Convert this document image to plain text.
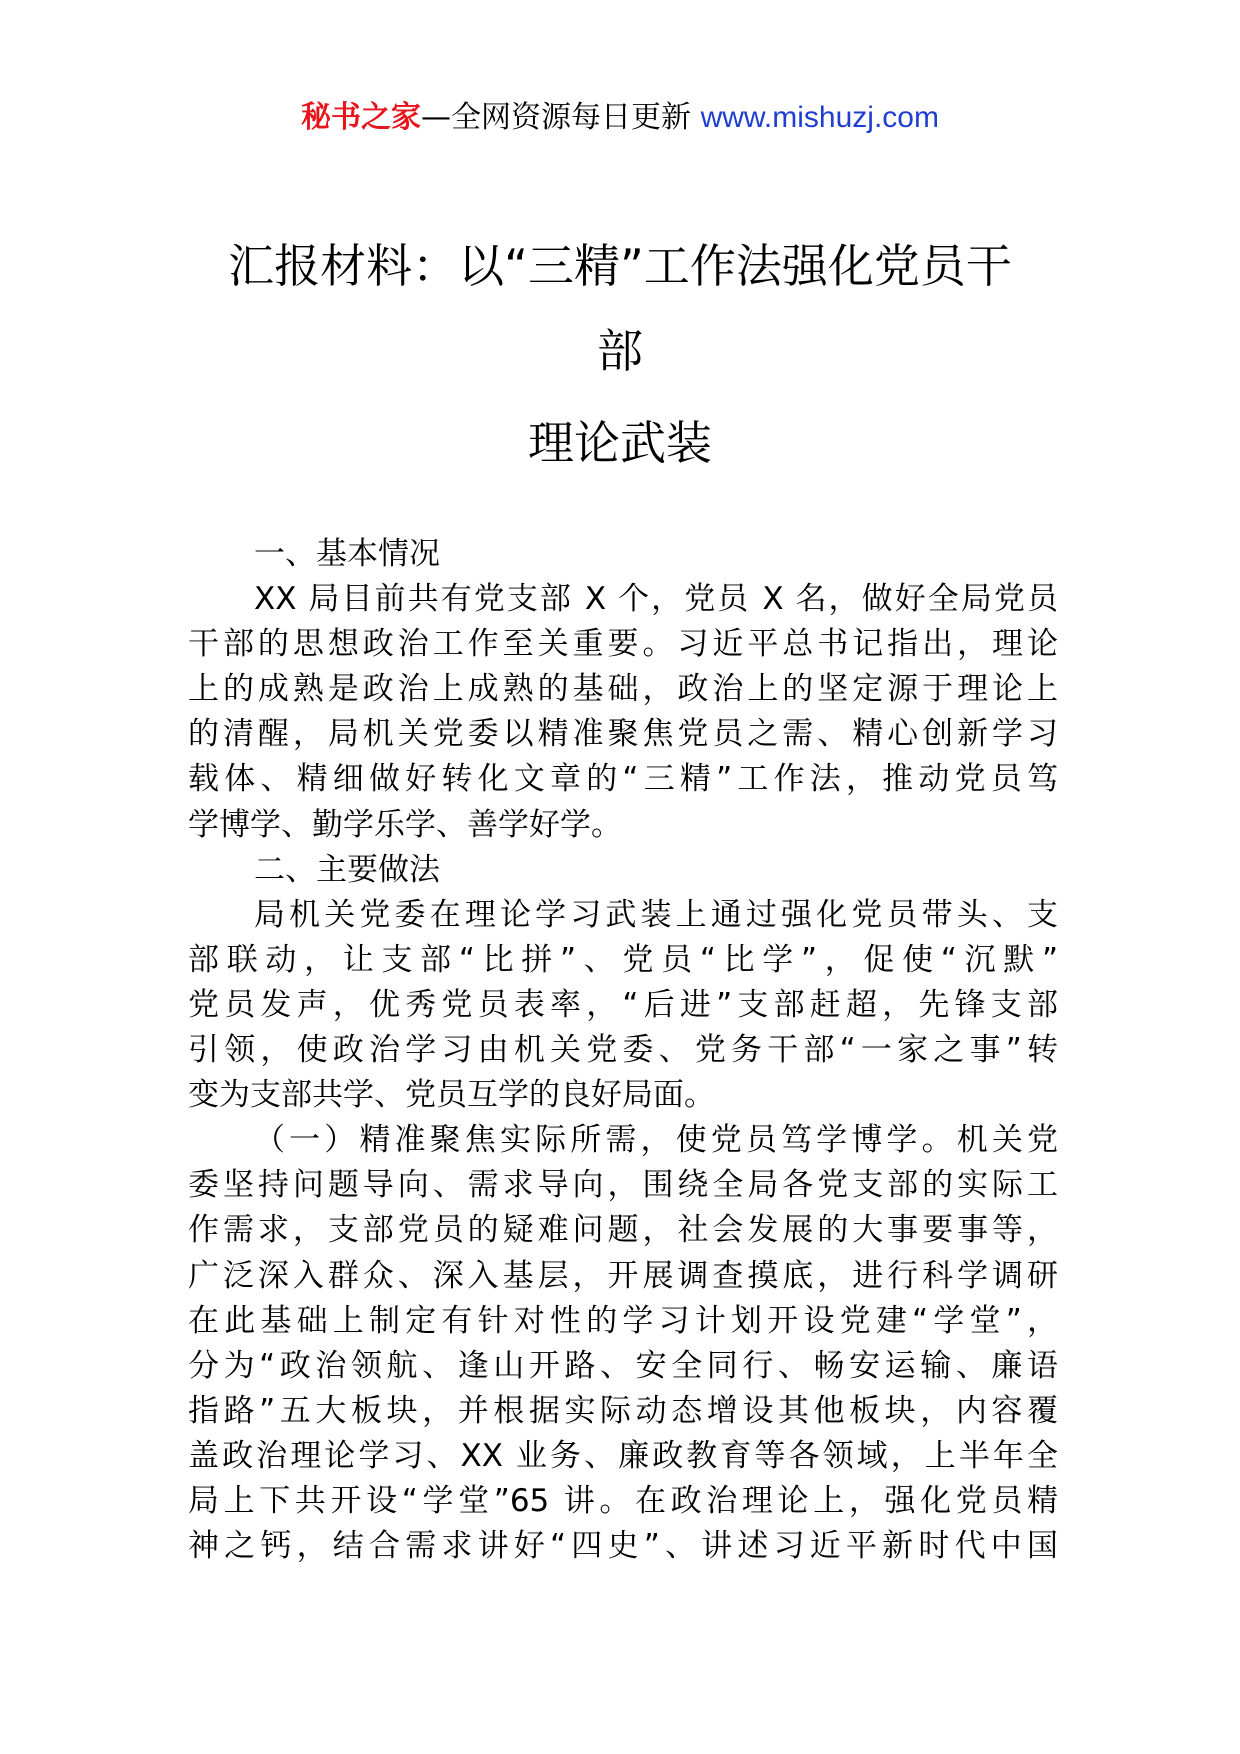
秘书之家—全网资源每日更新 www.mishuzj.com
汇报材料：以“三精”工作法强化党员干
部
理论武装
一、基本情况
XX 局目前共有党支部 X 个，党员 X 名，做好全局党员
干部的思想政治工作至关重要。习近平总书记指出，理论
上的成熟是政治上成熟的基础，政治上的坚定源于理论上
的清醒，局机关党委以精准聚焦党员之需、精心创新学习
载体、精细做好转化文章的“三精”工作法，推动党员笃
学博学、勤学乐学、善学好学。
二、主要做法
局机关党委在理论学习武装上通过强化党员带头、支
部联动，让支部“比拼”、党员“比学”，促使“沉默”
党员发声，优秀党员表率，“后进”支部赶超，先锋支部
引领，使政治学习由机关党委、党务干部“一家之事”转
变为支部共学、党员互学的良好局面。
（一）精准聚焦实际所需，使党员笃学博学。机关党
委坚持问题导向、需求导向，围绕全局各党支部的实际工
作需求，支部党员的疑难问题，社会发展的大事要事等，
广泛深入群众、深入基层，开展调查摸底，进行科学调研
在此基础上制定有针对性的学习计划开设党建“学堂”，
分为“政治领航、逢山开路、安全同行、畅安运输、廉语
指路”五大板块，并根据实际动态增设其他板块，内容覆
盖政治理论学习、XX 业务、廉政教育等各领域，上半年全
局上下共开设“学堂”65 讲。在政治理论上，强化党员精
神之钙，结合需求讲好“四史”、讲述习近平新时代中国
